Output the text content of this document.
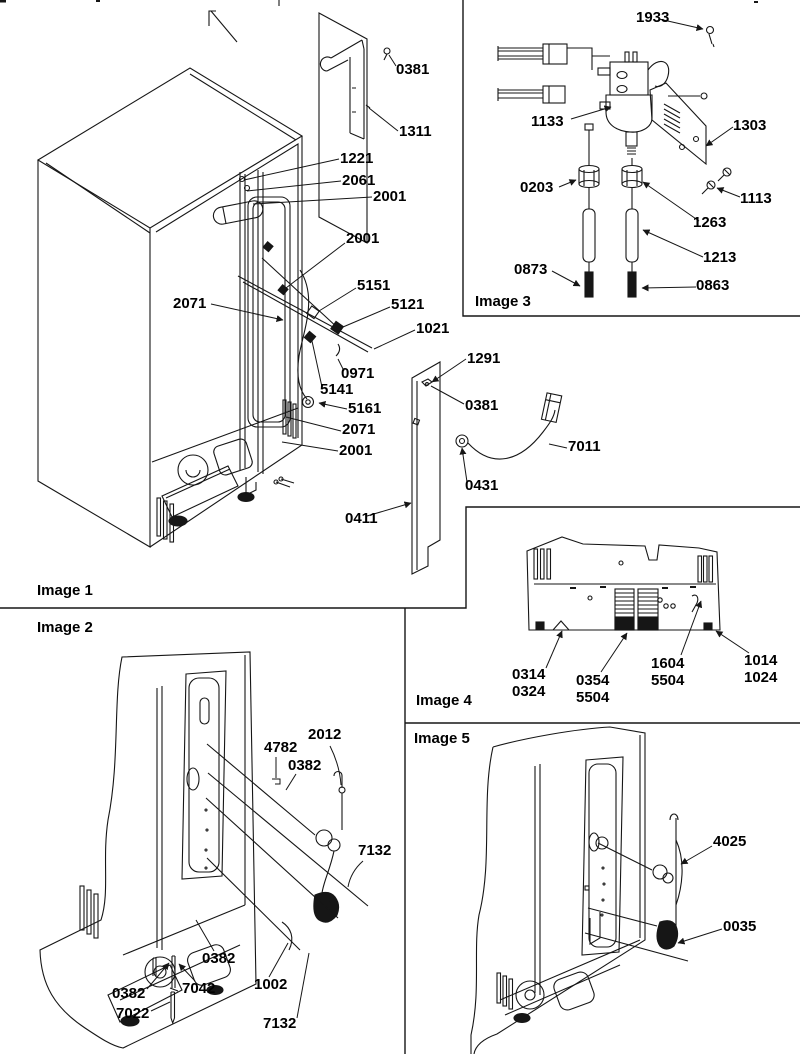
Image 1
Image 2
Image 3
Image 4
Image 5
0381
1311
1221
2061
2001
2001
2071
5151
5121
1021
0971
5141
5161
2071
2001
1291
0381
7011
0431
0411
4782
0382
2012
7132
0382
1002
0382 7042
7022
7132
1933
1133	1303
0203
1113
1263
1213
0873
0863
0314
0324
0354
5504
1604
5504
1014
1024
4025
0035
